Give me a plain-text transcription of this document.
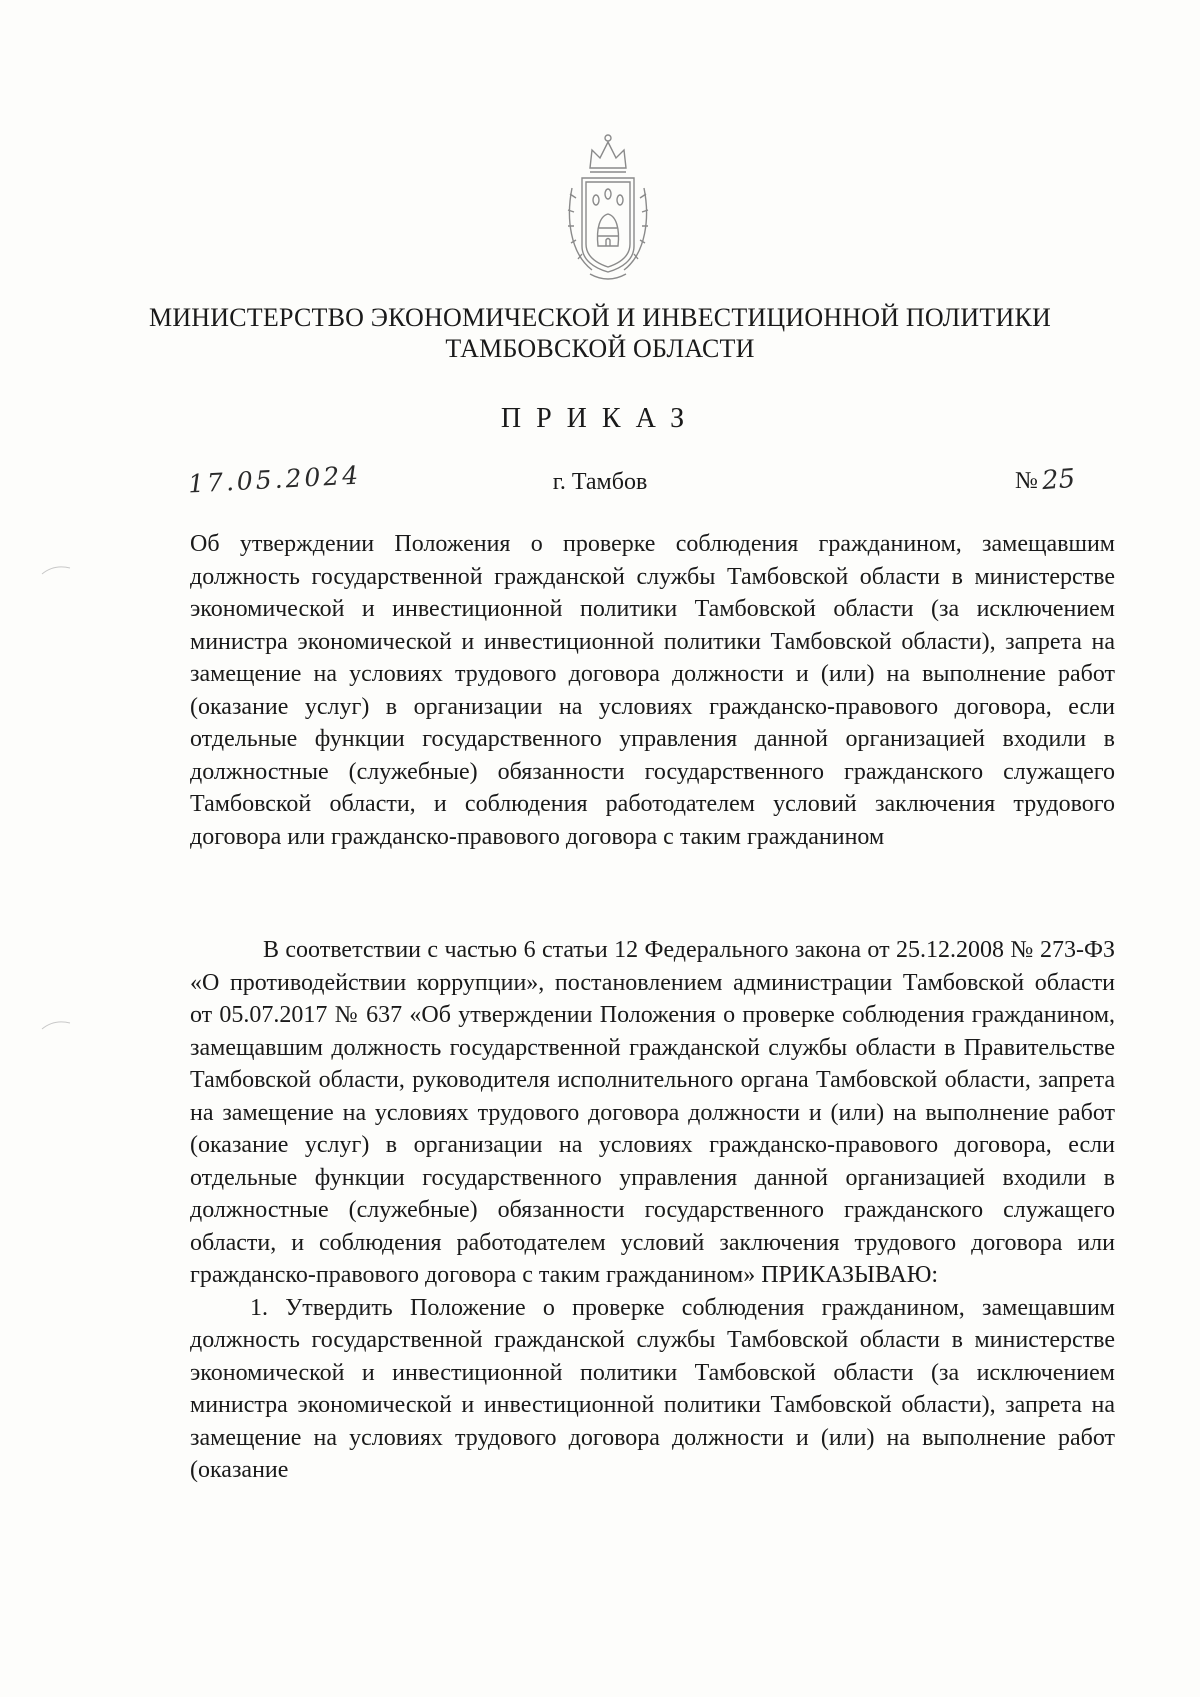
МИНИСТЕРСТВО ЭКОНОМИЧЕСКОЙ И ИНВЕСТИЦИОННОЙ ПОЛИТИКИ
ТАМБОВСКОЙ ОБЛАСТИ
ПРИКАЗ
17.05.2024	г. Тамбов	№ 25
Об утверждении Положения о проверке соблюдения гражданином, замещавшим должность государственной гражданской службы Тамбовской области в министерстве экономической и инвестиционной политики Тамбовской области (за исключением министра экономической и инвестиционной политики Тамбовской области), запрета на замещение на условиях трудового договора должности и (или) на выполнение работ (оказание услуг) в организации на условиях гражданско-правового договора, если отдельные функции государственного управления данной организацией входили в должностные (служебные) обязанности государственного гражданского служащего Тамбовской области, и соблюдения работодателем условий заключения трудового договора или гражданско-правового договора с таким гражданином

В соответствии с частью 6 статьи 12 Федерального закона от 25.12.2008 № 273-ФЗ «О противодействии коррупции», постановлением администрации Тамбовской области от 05.07.2017 № 637 «Об утверждении Положения о проверке соблюдения гражданином, замещавшим должность государственной гражданской службы области в Правительстве Тамбовской области, руководителя исполнительного органа Тамбовской области, запрета на замещение на условиях трудового договора должности и (или) на выполнение работ (оказание услуг) в организации на условиях гражданско-правового договора, если отдельные функции государственного управления данной организацией входили в должностные (служебные) обязанности государственного гражданского служащего области, и соблюдения работодателем условий заключения трудового договора или гражданско-правового договора с таким гражданином» ПРИКАЗЫВАЮ:

1. Утвердить Положение о проверке соблюдения гражданином, замещавшим должность государственной гражданской службы Тамбовской области в министерстве экономической и инвестиционной политики Тамбовской области (за исключением министра экономической и инвестиционной политики Тамбовской области), запрета на замещение на условиях трудового договора должности и (или) на выполнение работ (оказание
